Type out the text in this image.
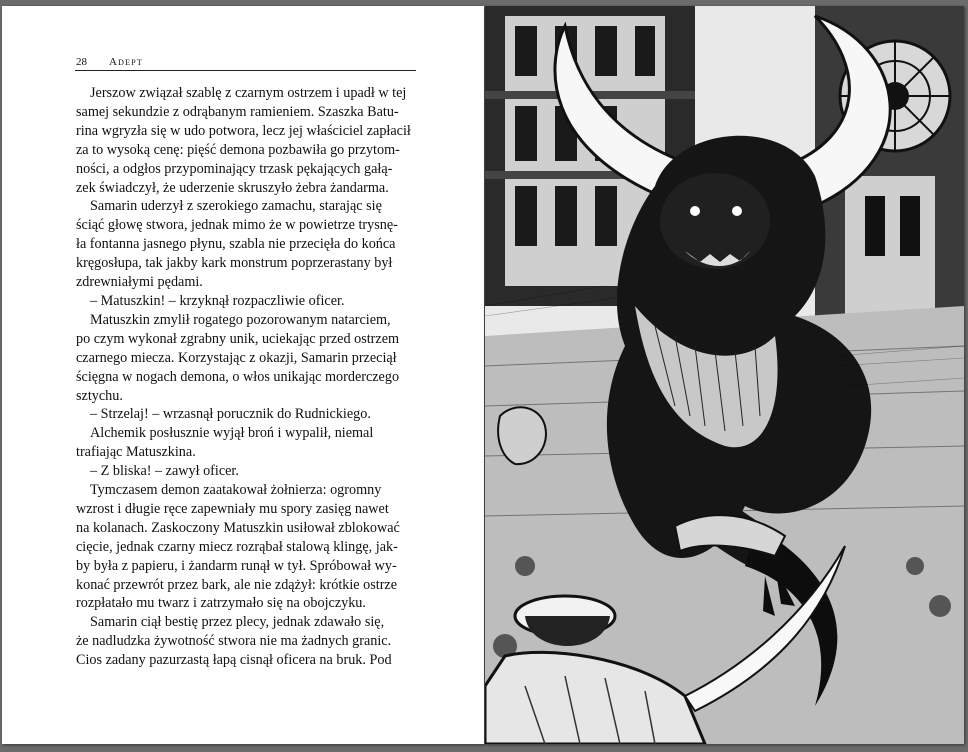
28 Adept

Jerszow związał szablę z czarnym ostrzem i upadł w tej

samej sekundzie z odrąbanym ramieniem. Szaszka Batu-

rina wgryzła się w udo potwora, lecz jej właściciel zapłacił

za to wysoką cenę: pięść demona pozbawiła go przytom-

ności, a odgłos przypominający trzask pękających gałą-

zek świadczył, że uderzenie skruszyło żebra żandarma.

Samarin uderzył z szerokiego zamachu, starając się

ściąć głowę stwora, jednak mimo że w powietrze trysnę-

ła fontanna jasnego płynu, szabla nie przecięła do końca

kręgosłupa, tak jakby kark monstrum poprzerastany był

zdrewniałymi pędami.

– Matuszkin! – krzyknął rozpaczliwie oficer.

Matuszkin zmylił rogatego pozorowanym natarciem,

po czym wykonał zgrabny unik, uciekając przed ostrzem

czarnego miecza. Korzystając z okazji, Samarin przeciął

ścięgna w nogach demona, o włos unikając morderczego

sztychu.

– Strzelaj! – wrzasnął porucznik do Rudnickiego.

Alchemik posłusznie wyjął broń i wypalił, niemal

trafiając Matuszkina.

– Z bliska! – zawył oficer.

Tymczasem demon zaatakował żołnierza: ogromny

wzrost i długie ręce zapewniały mu spory zasięg nawet

na kolanach. Zaskoczony Matuszkin usiłował zblokować

cięcie, jednak czarny miecz rozrąbał stalową klingę, jak-

by była z papieru, i żandarm runął w tył. Spróbował wy-

konać przewrót przez bark, ale nie zdążył: krótkie ostrze

rozpłatało mu twarz i zatrzymało się na obojczyku.

Samarin ciął bestię przez plecy, jednak zdawało się,

że nadludzka żywotność stwora nie ma żadnych granic.

Cios zadany pazurzastą łapą cisnął oficera na bruk. Pod
